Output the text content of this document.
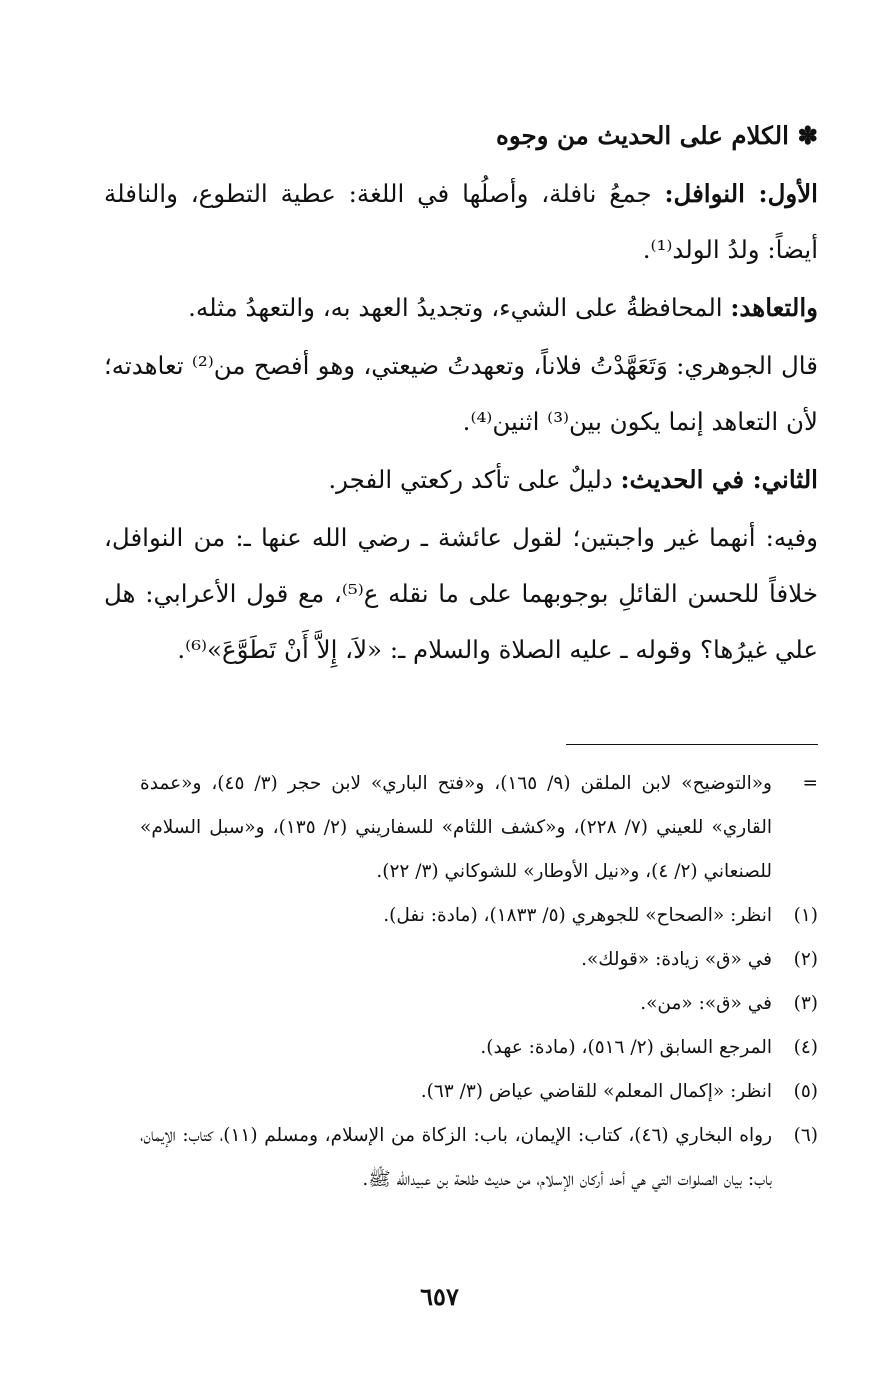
✽ الكلام على الحديث من وجوه

الأول: النوافل: جمعُ نافلة، وأصلُها في اللغة: عطية التطوع، والنافلة أيضاً: ولدُ الولد⁽¹⁾.

والتعاهد: المحافظةُ على الشيء، وتجديدُ العهد به، والتعهدُ مثله.

قال الجوهري: وَتَعَهَّدْتُ فلاناً، وتعهدتُ ضيعتي، وهو أفصح من⁽²⁾ تعاهدته؛ لأن التعاهد إنما يكون بين⁽³⁾ اثنين⁽⁴⁾.

الثاني: في الحديث: دليلٌ على تأكد ركعتي الفجر.

وفيه: أنهما غير واجبتين؛ لقول عائشة ـ رضي الله عنها ـ: من النوافل، خلافاً للحسن القائلِ بوجوبهما على ما نقله ع⁽⁵⁾، مع قول الأعرابي: هل علي غيرُها؟ وقوله ـ عليه الصلاة والسلام ـ: «لاَ، إِلاَّ أَنْ تَطَوَّعَ»⁽⁶⁾.

=
و«التوضيح» لابن الملقن (٩/ ١٦٥)، و«فتح الباري» لابن حجر (٣/ ٤٥)، و«عمدة القاري» للعيني (٧/ ٢٢٨)، و«كشف اللثام» للسفاريني (٢/ ١٣٥)، و«سبل السلام» للصنعاني (٢/ ٤)، و«نيل الأوطار» للشوكاني (٣/ ٢٢).
(١)
انظر: «الصحاح» للجوهري (٥/ ١٨٣٣)، (مادة: نفل).
(٢)
في «ق» زيادة: «قولك».
(٣)
في «ق»: «من».
(٤)
المرجع السابق (٢/ ٥١٦)، (مادة: عهد).
(٥)
انظر: «إكمال المعلم» للقاضي عياض (٣/ ٦٣).
(٦)
رواه البخاري (٤٦)، كتاب: الإيمان، باب: الزكاة من الإسلام، ومسلم (١١)، كتاب: الإيمان، باب: بيان الصلوات التي هي أحد أركان الإسلام، من حديث طلحة بن عبيدالله ﷺ.
٦٥٧
